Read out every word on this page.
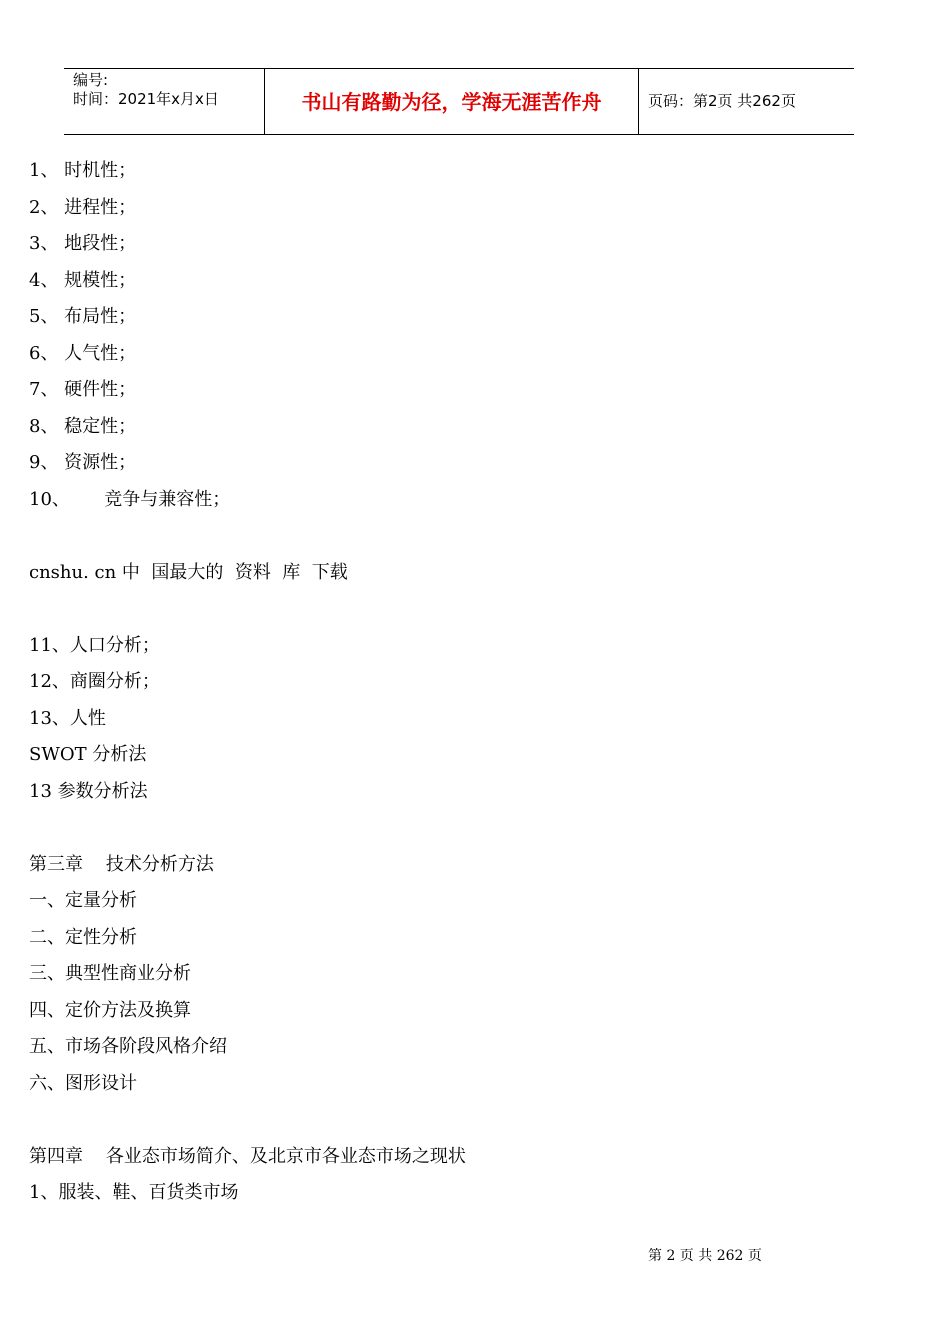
编号:
时间：2021年x月x日	书山有路勤为径，学海无涯苦作舟	页码：第2页 共262页
1、 时机性；
2、 进程性；
3、 地段性；
4、 规模性；
5、 布局性；
6、 人气性；
7、 硬件性；
8、 稳定性；
9、 资源性；
10、      竞争与兼容性；
cnshu. cn 中  国最大的  资料  库  下载
11、人口分析；
12、商圈分析；
13、人性
SWOT 分析法
13 参数分析法
第三章    技术分析方法
一、定量分析
二、定性分析
三、典型性商业分析
四、定价方法及换算
五、市场各阶段风格介绍
六、图形设计
第四章    各业态市场简介、及北京市各业态市场之现状
1、服装、鞋、百货类市场
第 2 页 共 262 页
